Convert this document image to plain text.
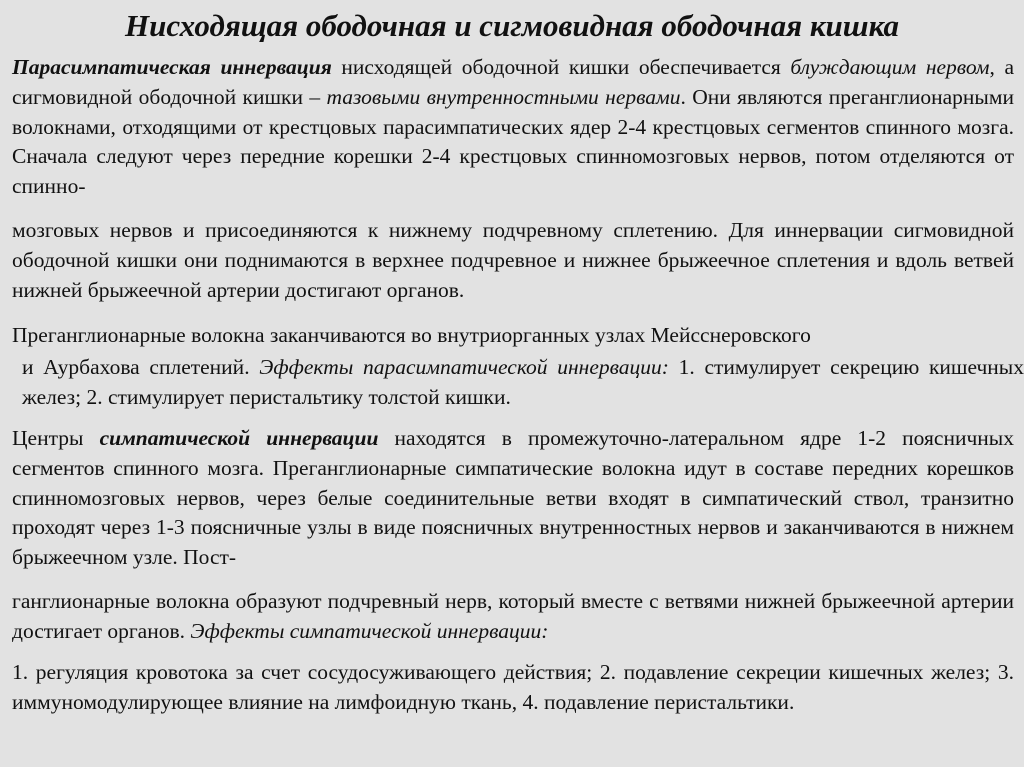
Нисходящая ободочная и сигмовидная ободочная кишка

Парасимпатическая иннервация нисходящей ободочной кишки обеспечивается блуждающим нервом, а сигмовидной ободочной кишки – тазовыми внутренностными нервами. Они являются преганглионарными волокнами, отходящими от крестцовых парасимпатических ядер 2-4 крестцовых сегментов спинного мозга. Сначала следуют через передние корешки 2-4 крестцовых спинномозговых нервов, потом отделяются от спинно-

мозговых нервов и присоединяются к нижнему подчревному сплетению. Для иннервации сигмовидной ободочной кишки они поднимаются в верхнее подчревное и нижнее брыжеечное сплетения и вдоль ветвей нижней брыжеечной артерии достигают органов.

Преганглионарные волокна заканчиваются во внутриорганных узлах Мейсснеровского

и Аурбахова сплетений. Эффекты парасимпатической иннервации: 1. стимулирует секрецию кишечных желез; 2. стимулирует перистальтику толстой кишки.

Центры симпатической иннервации находятся в промежуточно-латеральном ядре 1-2 поясничных сегментов спинного мозга. Преганглионарные симпатические волокна идут в составе передних корешков спинномозговых нервов, через белые соединительные ветви входят в симпатический ствол, транзитно проходят через 1-3 поясничные узлы в виде поясничных внутренностных нервов и заканчиваются в нижнем брыжеечном узле. Пост-

ганглионарные волокна образуют подчревный нерв, который вместе с ветвями нижней брыжеечной артерии достигает органов. Эффекты симпатической иннервации:

1. регуляция кровотока за счет сосудосуживающего действия; 2. подавление секреции кишечных желез; 3. иммуномодулирующее влияние на лимфоидную ткань, 4. подавление перистальтики.
